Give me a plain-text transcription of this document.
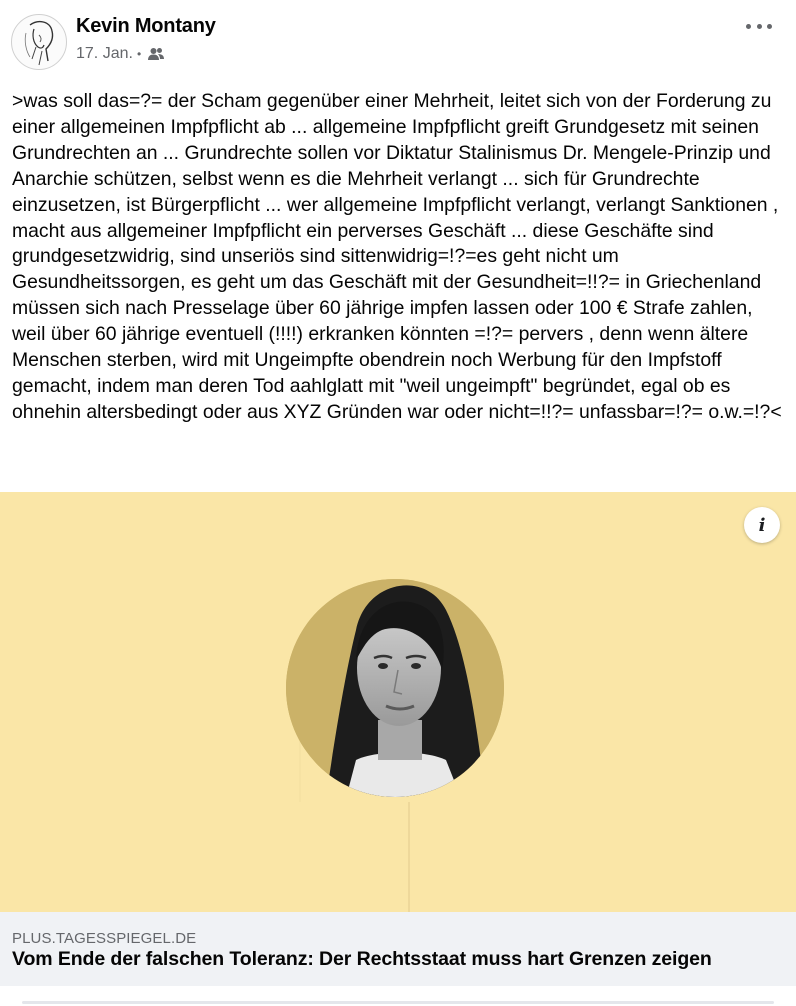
Kevin Montany
17. Jan. •

>was soll das=?= der Scham gegenüber einer Mehrheit, leitet sich von der Forderung zu einer allgemeinen Impfpflicht ab ... allgemeine Impfpflicht greift Grundgesetz mit seinen Grundrechten an ... Grundrechte sollen vor Diktatur Stalinismus Dr. Mengele-Prinzip und Anarchie schützen, selbst wenn es die Mehrheit verlangt ... sich für Grundrechte einzusetzen, ist Bürgerpflicht ... wer allgemeine Impfpflicht verlangt, verlangt Sanktionen , macht aus allgemeiner Impfpflicht ein perverses Geschäft ... diese Geschäfte sind grundgesetzwidrig, sind unseriös sind sittenwidrig=!?=es geht nicht um Gesundheitssorgen, es geht um das Geschäft mit der Gesundheit=!!?= in Griechenland müssen sich nach Presselage über 60 jährige impfen lassen oder 100 € Strafe zahlen, weil über 60 jährige eventuell (!!!!) erkranken könnten =!?= pervers , denn wenn ältere Menschen sterben, wird mit Ungeimpfte obendrein noch Werbung für den Impfstoff gemacht, indem man deren Tod aahlglatt mit "weil ungeimpft" begründet, egal ob es ohnehin altersbedingt oder aus XYZ Gründen war oder nicht=!!?= unfassbar=!?= o.w.=!?<

i
PLUS.TAGESSPIEGEL.DE
Vom Ende der falschen Toleranz: Der Rechtsstaat muss hart Grenzen zeigen
